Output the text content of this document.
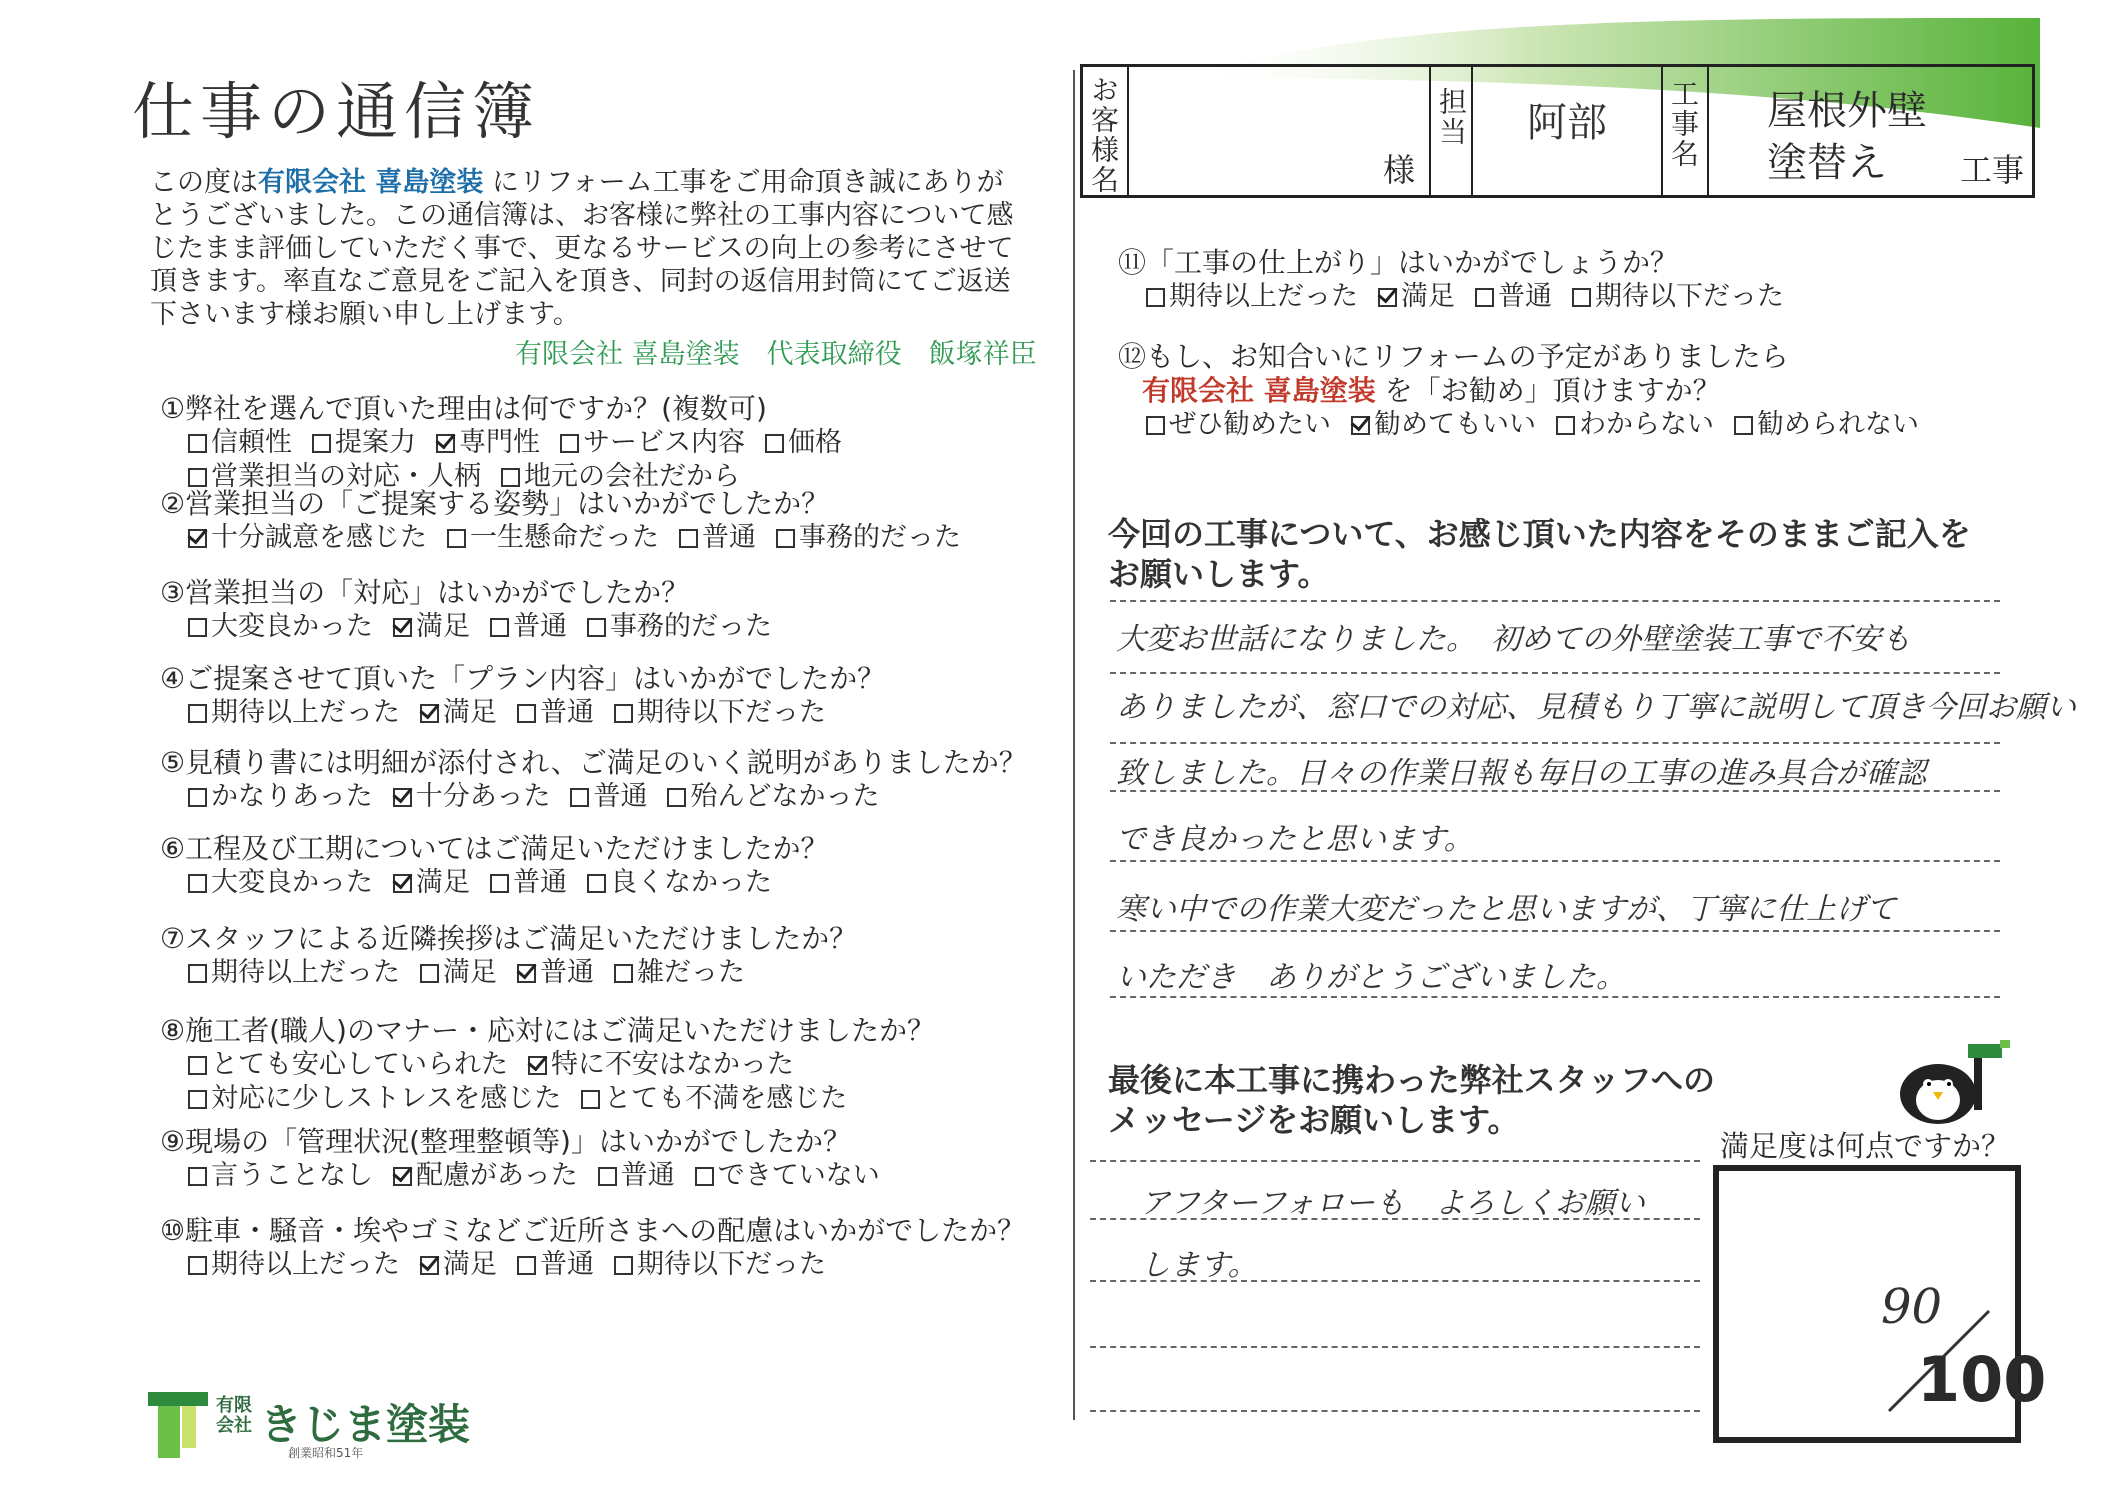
仕事の通信簿
この度は有限会社 喜島塗装 にリフォーム工事をご用命頂き誠にありがとうございました。この通信簿は、お客様に弊社の工事内容について感じたまま評価していただく事で、更なるサービスの向上の参考にさせて頂きます。率直なご意見をご記入を頂き、同封の返信用封筒にてご返送下さいます様お願い申し上げます。
有限会社 喜島塗装　代表取締役　飯塚祥臣
①弊社を選んで頂いた理由は何ですか？(複数可)
信頼性 提案力 専門性 サービス内容 価格
営業担当の対応・人柄 地元の会社だから
②営業担当の「ご提案する姿勢」はいかがでしたか？
十分誠意を感じた 一生懸命だった 普通 事務的だった
③営業担当の「対応」はいかがでしたか？
大変良かった 満足 普通 事務的だった
④ご提案させて頂いた「プラン内容」はいかがでしたか？
期待以上だった 満足 普通 期待以下だった
⑤見積り書には明細が添付され、ご満足のいく説明がありましたか？
かなりあった 十分あった 普通 殆んどなかった
⑥工程及び工期についてはご満足いただけましたか？
大変良かった 満足 普通 良くなかった
⑦スタッフによる近隣挨拶はご満足いただけましたか？
期待以上だった 満足 普通 雑だった
⑧施工者(職人)のマナー・応対にはご満足いただけましたか？
とても安心していられた 特に不安はなかった
対応に少しストレスを感じた とても不満を感じた
⑨現場の「管理状況(整理整頓等)」はいかがでしたか？
言うことなし 配慮があった 普通 できていない
⑩駐車・騒音・埃やゴミなどご近所さまへの配慮はいかがでしたか？
期待以上だった 満足 普通 期待以下だった
有限
会社 きじま塗装
創業昭和51年
お客様名	様

担当	阿部	工事名	屋根外壁
塗替え 工事
⑪「工事の仕上がり」はいかがでしょうか？
期待以上だった 満足 普通 期待以下だった
⑫もし、お知合いにリフォームの予定がありましたら
有限会社 喜島塗装 を「お勧め」頂けますか？
ぜひ勧めたい 勧めてもいい わからない 勧められない
今回の工事について、お感じ頂いた内容をそのままご記入を
お願いします。
大変お世話になりました。　初めての外壁塗装工事で不安も
ありましたが、窓口での対応、見積もり丁寧に説明して頂き今回お願い
致しました。日々の作業日報も毎日の工事の進み具合が確認
でき良かったと思います。
寒い中での作業大変だったと思いますが、丁寧に仕上げて
いただき　ありがとうございました。
最後に本工事に携わった弊社スタッフへの
メッセージをお願いします。
満足度は何点ですか？
アフターフォローも　よろしくお願い
します。
90
100
